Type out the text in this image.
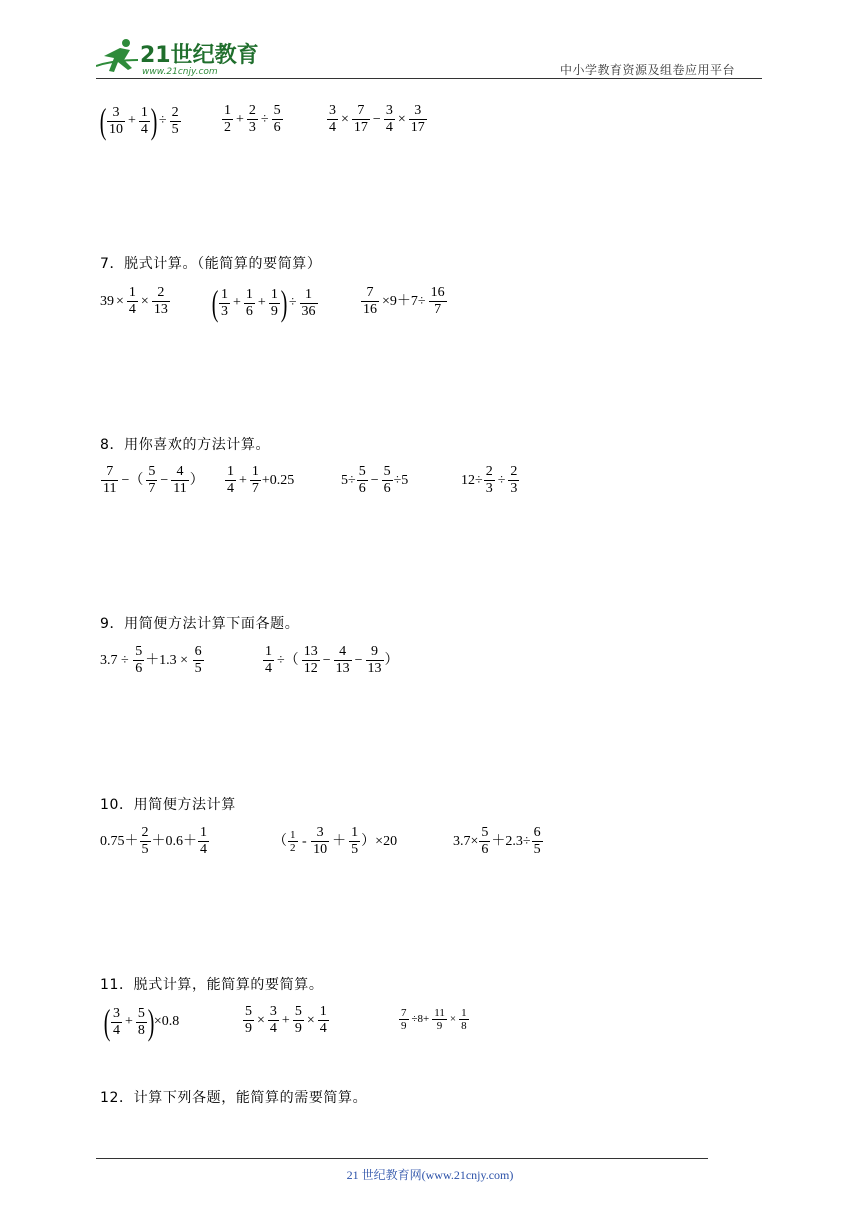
21世纪教育
www.21cnjy.com	中小学教育资源及组卷应用平台
( $\frac{3}{10} + \frac{1}{4}$ ) ÷ $\frac{2}{5}$	$\frac{1}{2} + \frac{2}{3} \div \frac{5}{6}$	$\frac{3}{4} \times \frac{7}{17} - \frac{3}{4} \times \frac{3}{17}$
7．脱式计算。（能简算的要简算）
$39 \times \frac{1}{4} \times \frac{2}{13}$ ( $\frac{1}{3} + \frac{1}{6} + \frac{1}{9}$ ) ÷ $\frac{1}{36}$	$\frac{7}{16} \times 9+7\div \frac{16}{7}$
8．用你喜欢的方法计算。
$\frac{7}{11}$ −（ $\frac{5}{7} - \frac{4}{11}$ ） $\frac{1}{4} + \frac{1}{7} +0.25$	$5\div \frac{5}{6} - \frac{5}{6} \div 5$	$12\div \frac{2}{3} \div \frac{2}{3}$
9．用简便方法计算下面各题。
$3.7 \div \frac{5}{6} +1.3 \times \frac{6}{5}$	$\frac{1}{4}$ ÷（ $\frac{13}{12} - \frac{4}{13} - \frac{9}{13}$ ）
10．用简便方法计算
$0.75+ \frac{2}{5} +0.6+ \frac{1}{4}$	（ $\frac{1}{2} - \frac{3}{10} + \frac{1}{5} )\times 20$	$3.7\times \frac{5}{6} +2.3\div \frac{6}{5}$
11．脱式计算，能简算的要简算。
( $\frac{3}{4} + \frac{5}{8}$ ) ×0.8	$\frac{5}{9} \times \frac{3}{4} + \frac{5}{9} \times \frac{1}{4}$	$\frac{7}{9} \div 8+ \frac{11}{9} \times \frac{1}{8}$
12．计算下列各题，能简算的需要简算。
21 世纪教育网(www.21cnjy.com)
